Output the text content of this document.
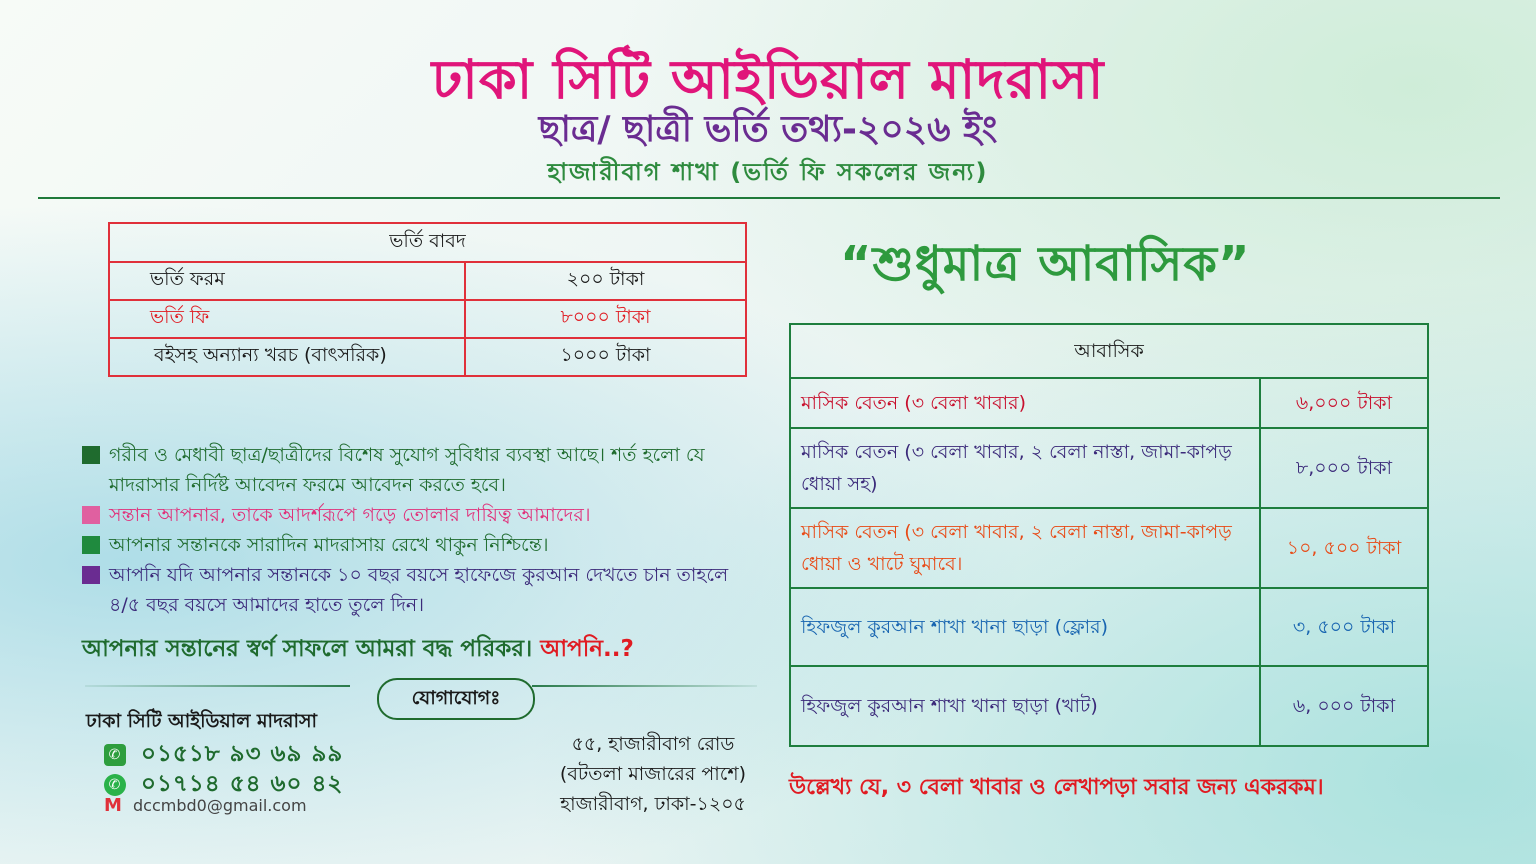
ঢাকা সিটি আইডিয়াল মাদরাসা
ছাত্র/ ছাত্রী ভর্তি তথ্য-২০২৬ ইং
হাজারীবাগ শাখা (ভর্তি ফি সকলের জন্য)
ভর্তি বাবদ	
ভর্তি ফরম	২০০ টাকা
ভর্তি ফি	৮০০০ টাকা
বইসহ অন্যান্য খরচ (বাৎসরিক)	১০০০ টাকা
“শুধুমাত্র আবাসিক”
আবাসিক	
মাসিক বেতন (৩ বেলা খাবার)	৬,০০০ টাকা
মাসিক বেতন (৩ বেলা খাবার, ২ বেলা নাস্তা, জামা-কাপড় ধোয়া সহ)	৮,০০০ টাকা
মাসিক বেতন (৩ বেলা খাবার, ২ বেলা নাস্তা, জামা-কাপড় ধোয়া ও খাটে ঘুমাবে।	১০, ৫০০ টাকা
হিফজুল কুরআন শাখা খানা ছাড়া (ফ্লোর)	৩, ৫০০ টাকা
হিফজুল কুরআন শাখা খানা ছাড়া (খাট)	৬, ০০০ টাকা
গরীব ও মেধাবী ছাত্র/ছাত্রীদের বিশেষ সুযোগ সুবিধার ব্যবস্থা আছে। শর্ত হলো যে মাদরাসার নির্দিষ্ট আবেদন ফরমে আবেদন করতে হবে।
সন্তান আপনার, তাকে আদর্শরূপে গড়ে তোলার দায়িত্ব আমাদের।
আপনার সন্তানকে সারাদিন মাদরাসায় রেখে থাকুন নিশ্চিন্তে।
আপনি যদি আপনার সন্তানকে ১০ বছর বয়সে হাফেজে কুরআন দেখতে চান তাহলে ৪/৫ বছর বয়সে আমাদের হাতে তুলে দিন।
আপনার সন্তানের স্বর্ণ সাফলে আমরা বদ্ধ পরিকর। আপনি..?
যোগাযোগঃ
ঢাকা সিটি আইডিয়াল মাদরাসা
✆ ০১৫১৮ ৯৩ ৬৯ ৯৯
✆ ০১৭১৪ ৫৪ ৬০ ৪২
M dccmbd0@gmail.com
৫৫, হাজারীবাগ রোড
(বটতলা মাজারের পাশে)
হাজারীবাগ, ঢাকা-১২০৫
উল্লেখ্য যে, ৩ বেলা খাবার ও লেখাপড়া সবার জন্য একরকম।
